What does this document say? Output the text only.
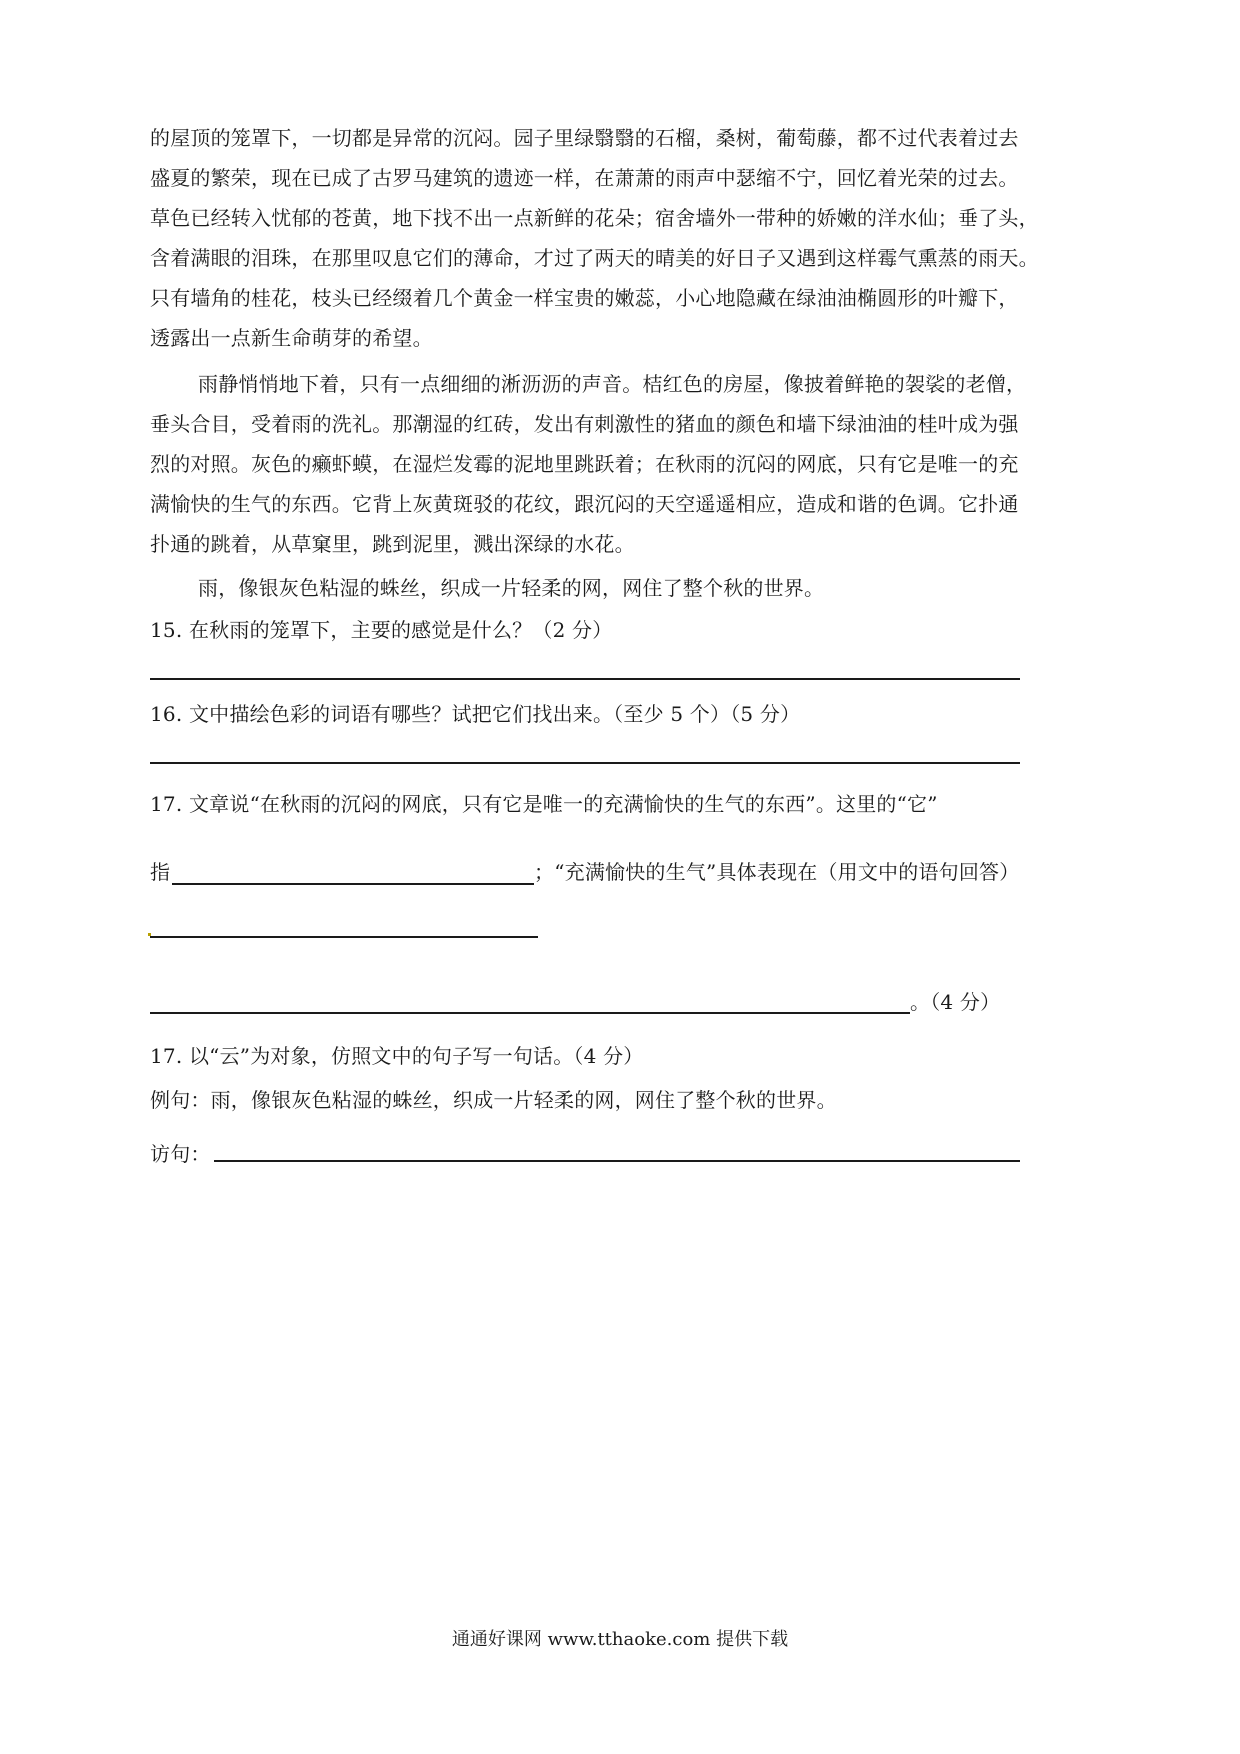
的屋顶的笼罩下，一切都是异常的沉闷。园子里绿翳翳的石榴，桑树，葡萄藤，都不过代表着过去
盛夏的繁荣，现在已成了古罗马建筑的遗迹一样，在萧萧的雨声中瑟缩不宁，回忆着光荣的过去。
草色已经转入忧郁的苍黄，地下找不出一点新鲜的花朵；宿舍墙外一带种的娇嫩的洋水仙；垂了头，
含着满眼的泪珠，在那里叹息它们的薄命，才过了两天的晴美的好日子又遇到这样霉气熏蒸的雨天。
只有墙角的桂花，枝头已经缀着几个黄金一样宝贵的嫩蕊，小心地隐藏在绿油油椭圆形的叶瓣下，
透露出一点新生命萌芽的希望。
雨静悄悄地下着，只有一点细细的淅沥沥的声音。桔红色的房屋，像披着鲜艳的袈裟的老僧，
垂头合目，受着雨的洗礼。那潮湿的红砖，发出有刺激性的猪血的颜色和墙下绿油油的桂叶成为强
烈的对照。灰色的癞虾蟆，在湿烂发霉的泥地里跳跃着；在秋雨的沉闷的网底，只有它是唯一的充
满愉快的生气的东西。它背上灰黄斑驳的花纹，跟沉闷的天空遥遥相应，造成和谐的色调。它扑通
扑通的跳着，从草窠里，跳到泥里，溅出深绿的水花。
雨，像银灰色粘湿的蛛丝，织成一片轻柔的网，网住了整个秋的世界。
15. 在秋雨的笼罩下，主要的感觉是什么？（2 分）
16. 文中描绘色彩的词语有哪些？试把它们找出来。（至少 5 个）（5 分）
17. 文章说“在秋雨的沉闷的网底，只有它是唯一的充满愉快的生气的东西”。这里的“它”
指	；“充满愉快的生气”具体表现在（用文中的语句回答）
。（4 分）
17. 以“云”为对象，仿照文中的句子写一句话。（4 分）
例句：雨，像银灰色粘湿的蛛丝，织成一片轻柔的网，网住了整个秋的世界。
访句：
通通好课网 www.tthaoke.com 提供下载
